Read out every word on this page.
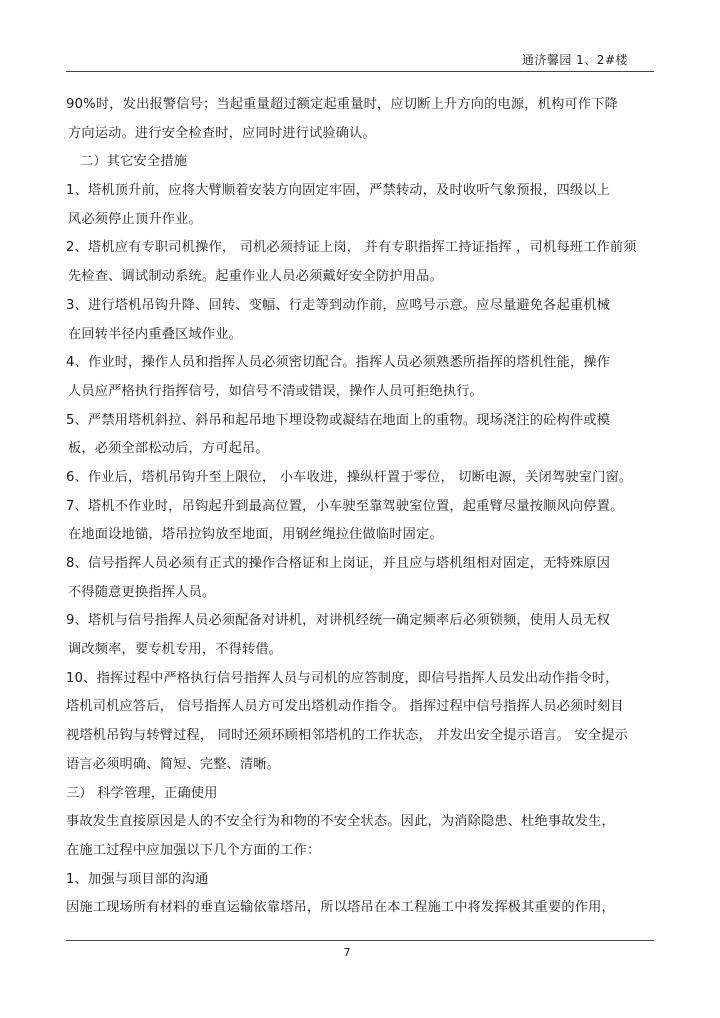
通济馨园 1、2#楼
90%时，发出报警信号；当起重量超过额定起重量时，应切断上升方向的电源，机构可作下降
方向运动。进行安全检查时，应同时进行试验确认。
二）其它安全措施
1、塔机顶升前，应将大臂顺着安装方向固定牢固，严禁转动，及时收听气象预报，四级以上
风必须停止顶升作业。
2、塔机应有专职司机操作， 司机必须持证上岗， 并有专职指挥工持证指挥 ，司机每班工作前须
先检查、调试制动系统。起重作业人员必须戴好安全防护用品。
3、进行塔机吊钩升降、回转、变幅、行走等到动作前，应鸣号示意。应尽量避免各起重机械
在回转半径内重叠区域作业。
4、作业时，操作人员和指挥人员必须密切配合。指挥人员必须熟悉所指挥的塔机性能，操作
人员应严格执行指挥信号，如信号不清或错误，操作人员可拒绝执行。
5、严禁用塔机斜拉、斜吊和起吊地下埋设物或凝结在地面上的重物。现场浇注的砼构件或模
板，必须全部松动后，方可起吊。
6、作业后，塔机吊钩升至上限位， 小车收进，操纵杆置于零位， 切断电源，关闭驾驶室门窗。
7、塔机不作业时，吊钩起升到最高位置，小车驶至靠驾驶室位置，起重臂尽量按顺风向停置。
在地面设地锚，塔吊拉钩放至地面，用钢丝绳拉住做临时固定。
8、信号指挥人员必须有正式的操作合格证和上岗证，并且应与塔机组相对固定，无特殊原因
不得随意更换指挥人员。
9、塔机与信号指挥人员必须配备对讲机，对讲机经统一确定频率后必须锁频，使用人员无权
调改频率，要专机专用，不得转借。
10、指挥过程中严格执行信号指挥人员与司机的应答制度，即信号指挥人员发出动作指令时，
塔机司机应答后， 信号指挥人员方可发出塔机动作指令。 指挥过程中信号指挥人员必须时刻目
视塔机吊钩与转臂过程， 同时还须环顾相邻塔机的工作状态， 并发出安全提示语言。 安全提示
语言必须明确、简短、完整、清晰。
三） 科学管理，正确使用
事故发生直接原因是人的不安全行为和物的不安全状态。因此，为消除隐患、杜绝事故发生，
在施工过程中应加强以下几个方面的工作：
1、加强与项目部的沟通
因施工现场所有材料的垂直运输依靠塔吊，所以塔吊在本工程施工中将发挥极其重要的作用，
7
